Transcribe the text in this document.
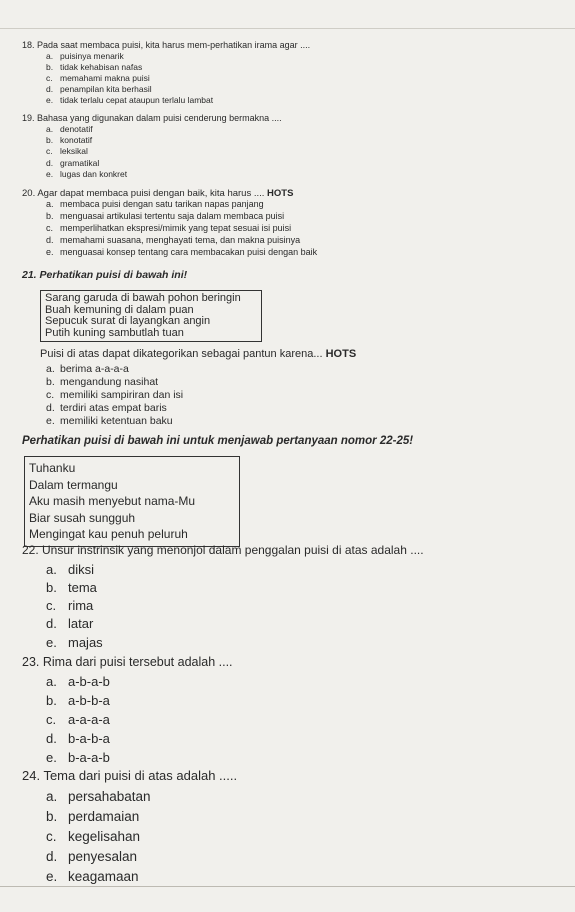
18. Pada saat membaca puisi, kita harus mem-perhatikan irama agar ....
a. puisinya menarik
b. tidak kehabisan nafas
c. memahami makna puisi
d. penampilan kita berhasil
e. tidak terlalu cepat ataupun terlalu lambat
19. Bahasa yang digunakan dalam puisi cenderung bermakna ....
a. denotatif
b. konotatif
c. leksikal
d. gramatikal
e. lugas dan konkret
20. Agar dapat membaca puisi dengan baik, kita harus .... HOTS
a. membaca puisi dengan satu tarikan napas panjang
b. menguasai artikulasi tertentu saja dalam membaca puisi
c. memperlihatkan ekspresi/mimik yang tepat sesuai isi puisi
d. memahami suasana, menghayati tema, dan makna puisinya
e. menguasai konsep tentang cara membacakan puisi dengan baik
21. Perhatikan puisi di bawah ini!
Sarang garuda di bawah pohon beringin
Buah kemuning di dalam puan
Sepucuk surat di layangkan angin
Putih kuning sambutlah tuan
Puisi di atas dapat dikategorikan sebagai pantun karena... HOTS
a. berima a-a-a-a
b. mengandung nasihat
c. memiliki sampiriran dan isi
d. terdiri atas empat baris
e. memiliki ketentuan baku
Perhatikan puisi di bawah ini untuk menjawab pertanyaan nomor 22-25!
Tuhanku
Dalam termangu
Aku masih menyebut nama-Mu
Biar susah sungguh
Mengingat kau penuh peluruh
22. Unsur instrinsik yang menonjol dalam penggalan puisi di atas adalah ....
a. diksi
b. tema
c. rima
d. latar
e. majas
23. Rima dari puisi tersebut adalah ....
a. a-b-a-b
b. a-b-b-a
c. a-a-a-a
d. b-a-b-a
e. b-a-a-b
24. Tema dari puisi di atas adalah .....
a. persahabatan
b. perdamaian
c. kegelisahan
d. penyesalan
e. keagamaan
